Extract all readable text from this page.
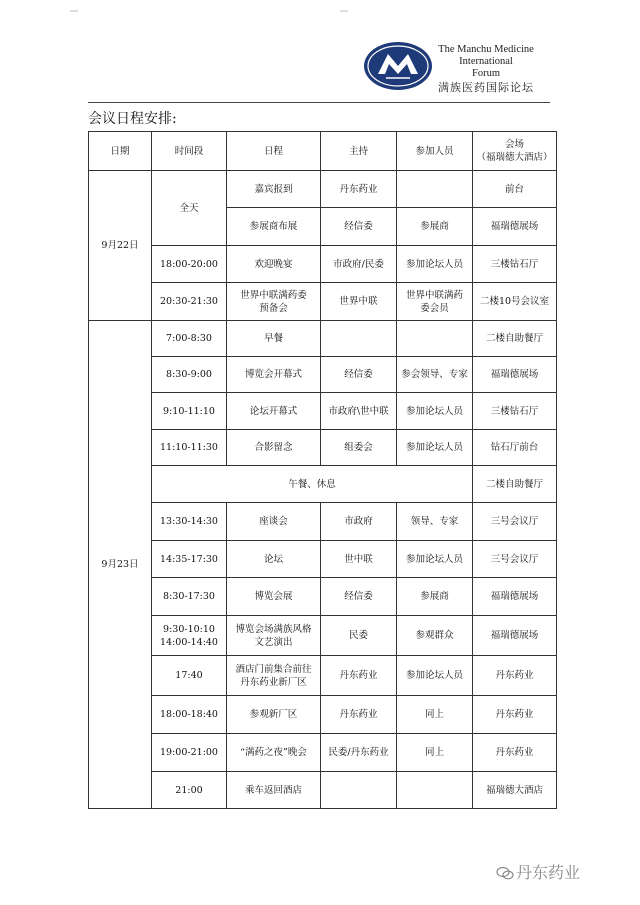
The Manchu Medicine
International
Forum
满族医药国际论坛
会议日程安排:
日期	时间段	日程	主持	参加人员	会场
（福瑞德大酒店）
9月22日	全天	嘉宾报到	丹东药业		前台
		参展商布展	经信委	参展商	福瑞德展场
	18:00-20:00	欢迎晚宴	市政府/民委	参加论坛人员	三楼钻石厅
	20:30-21:30	世界中联满药委
预备会	世界中联	世界中联满药
委会员	二楼10号会议室
9月23日	7:00-8:30	早餐			二楼自助餐厅
	8:30-9:00	博览会开幕式	经信委	参会领导、专家	福瑞德展场
	9:10-11:10	论坛开幕式	市政府\世中联	参加论坛人员	三楼钻石厅
	11:10-11:30	合影留念	组委会	参加论坛人员	钻石厅前台
	午餐、休息				二楼自助餐厅
	13:30-14:30	座谈会	市政府	领导、专家	三号会议厅
	14:35-17:30	论坛	世中联	参加论坛人员	三号会议厅
	8:30-17:30	博览会展	经信委	参展商	福瑞德展场
	9:30-10:10
14:00-14:40	博览会场满族风格
文艺演出	民委	参观群众	福瑞德展场
	17:40	酒店门前集合前往
丹东药业新厂区	丹东药业	参加论坛人员	丹东药业
	18:00-18:40	参观新厂区	丹东药业	同上	丹东药业
	19:00-21:00	“满药之夜”晚会	民委/丹东药业	同上	丹东药业
	21:00	乘车返回酒店			福瑞德大酒店
丹东药业
